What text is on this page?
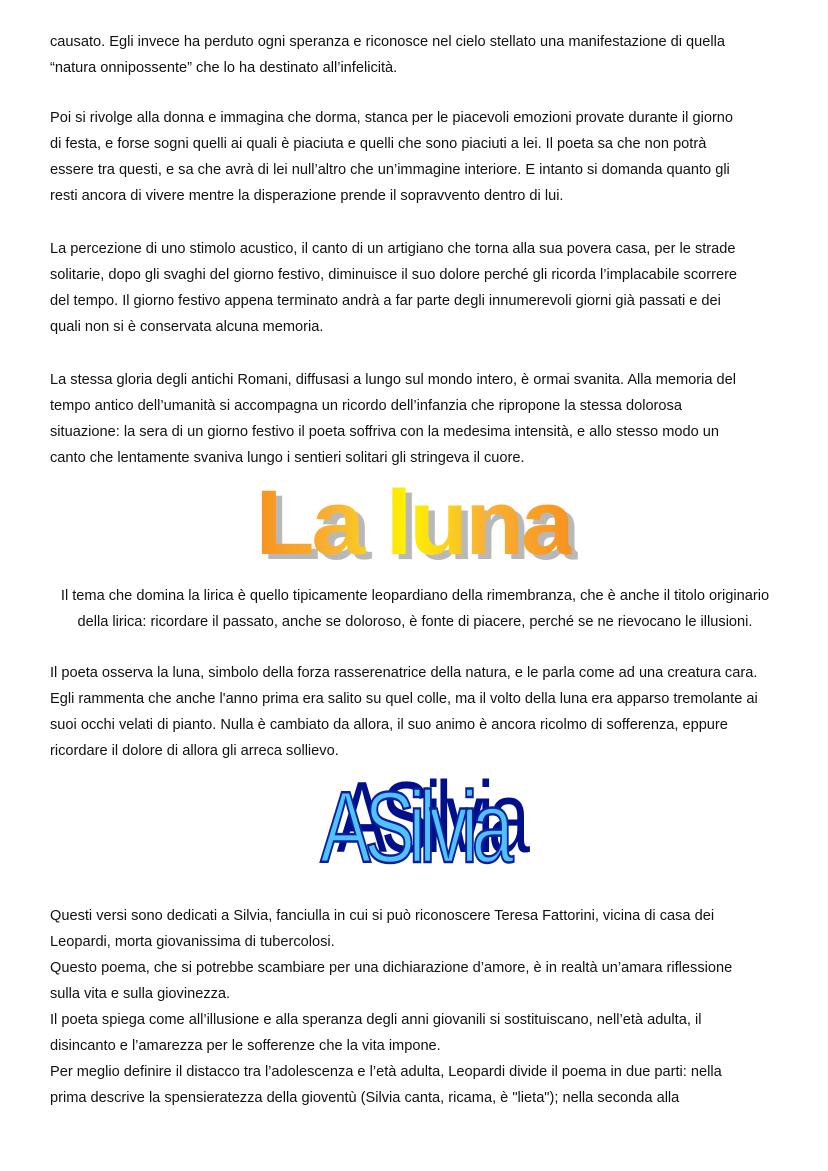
causato. Egli invece ha perduto ogni speranza e riconosce nel cielo stellato una manifestazione di quella
“natura onnipossente” che lo ha destinato all’infelicità.
Poi si rivolge alla donna e immagina che dorma, stanca per le piacevoli emozioni provate durante il giorno
di festa, e forse sogni quelli ai quali è piaciuta e quelli che sono piaciuti a lei. Il poeta sa che non potrà
essere tra questi, e sa che avrà di lei null’altro che un’immagine interiore. E intanto si domanda quanto gli
resti ancora di vivere mentre la disperazione prende il sopravvento dentro di lui.
La percezione di uno stimolo acustico, il canto di un artigiano che torna alla sua povera casa, per le strade
solitarie, dopo gli svaghi del giorno festivo, diminuisce il suo dolore perché gli ricorda l’implacabile scorrere
del tempo. Il giorno festivo appena terminato andrà a far parte degli innumerevoli giorni già passati e dei
quali non si è conservata alcuna memoria.
La stessa gloria degli antichi Romani, diffusasi a lungo sul mondo intero, è ormai svanita. Alla memoria del
tempo antico dell’umanità si accompagna un ricordo dell’infanzia che ripropone la stessa dolorosa
situazione: la sera di un giorno festivo il poeta soffriva con la medesima intensità, e allo stesso modo un
canto che lentamente svaniva lungo i sentieri solitari gli stringeva il cuore.
La luna
Il tema che domina la lirica è quello tipicamente leopardiano della rimembranza, che è anche il titolo originario
della lirica: ricordare il passato, anche se doloroso, è fonte di piacere, perché se ne rievocano le illusioni.
Il poeta osserva la luna, simbolo della forza rasserenatrice della natura, e le parla come ad una creatura cara.
Egli rammenta che anche l'anno prima era salito su quel colle, ma il volto della luna era apparso tremolante ai
suoi occhi velati di pianto. Nulla è cambiato da allora, il suo animo è ancora ricolmo di sofferenza, eppure
ricordare il dolore di allora gli arreca sollievo.
ASilvia
Questi versi sono dedicati a Silvia, fanciulla in cui si può riconoscere Teresa Fattorini, vicina di casa dei
Leopardi, morta giovanissima di tubercolosi.
Questo poema, che si potrebbe scambiare per una dichiarazione d’amore, è in realtà un’amara riflessione
sulla vita e sulla giovinezza.
Il poeta spiega come all’illusione e alla speranza degli anni giovanili si sostituiscano, nell’età adulta, il
disincanto e l’amarezza per le sofferenze che la vita impone.
Per meglio definire il distacco tra l’adolescenza e l’età adulta, Leopardi divide il poema in due parti: nella
prima descrive la spensieratezza della gioventù (Silvia canta, ricama, è "lieta"); nella seconda alla
